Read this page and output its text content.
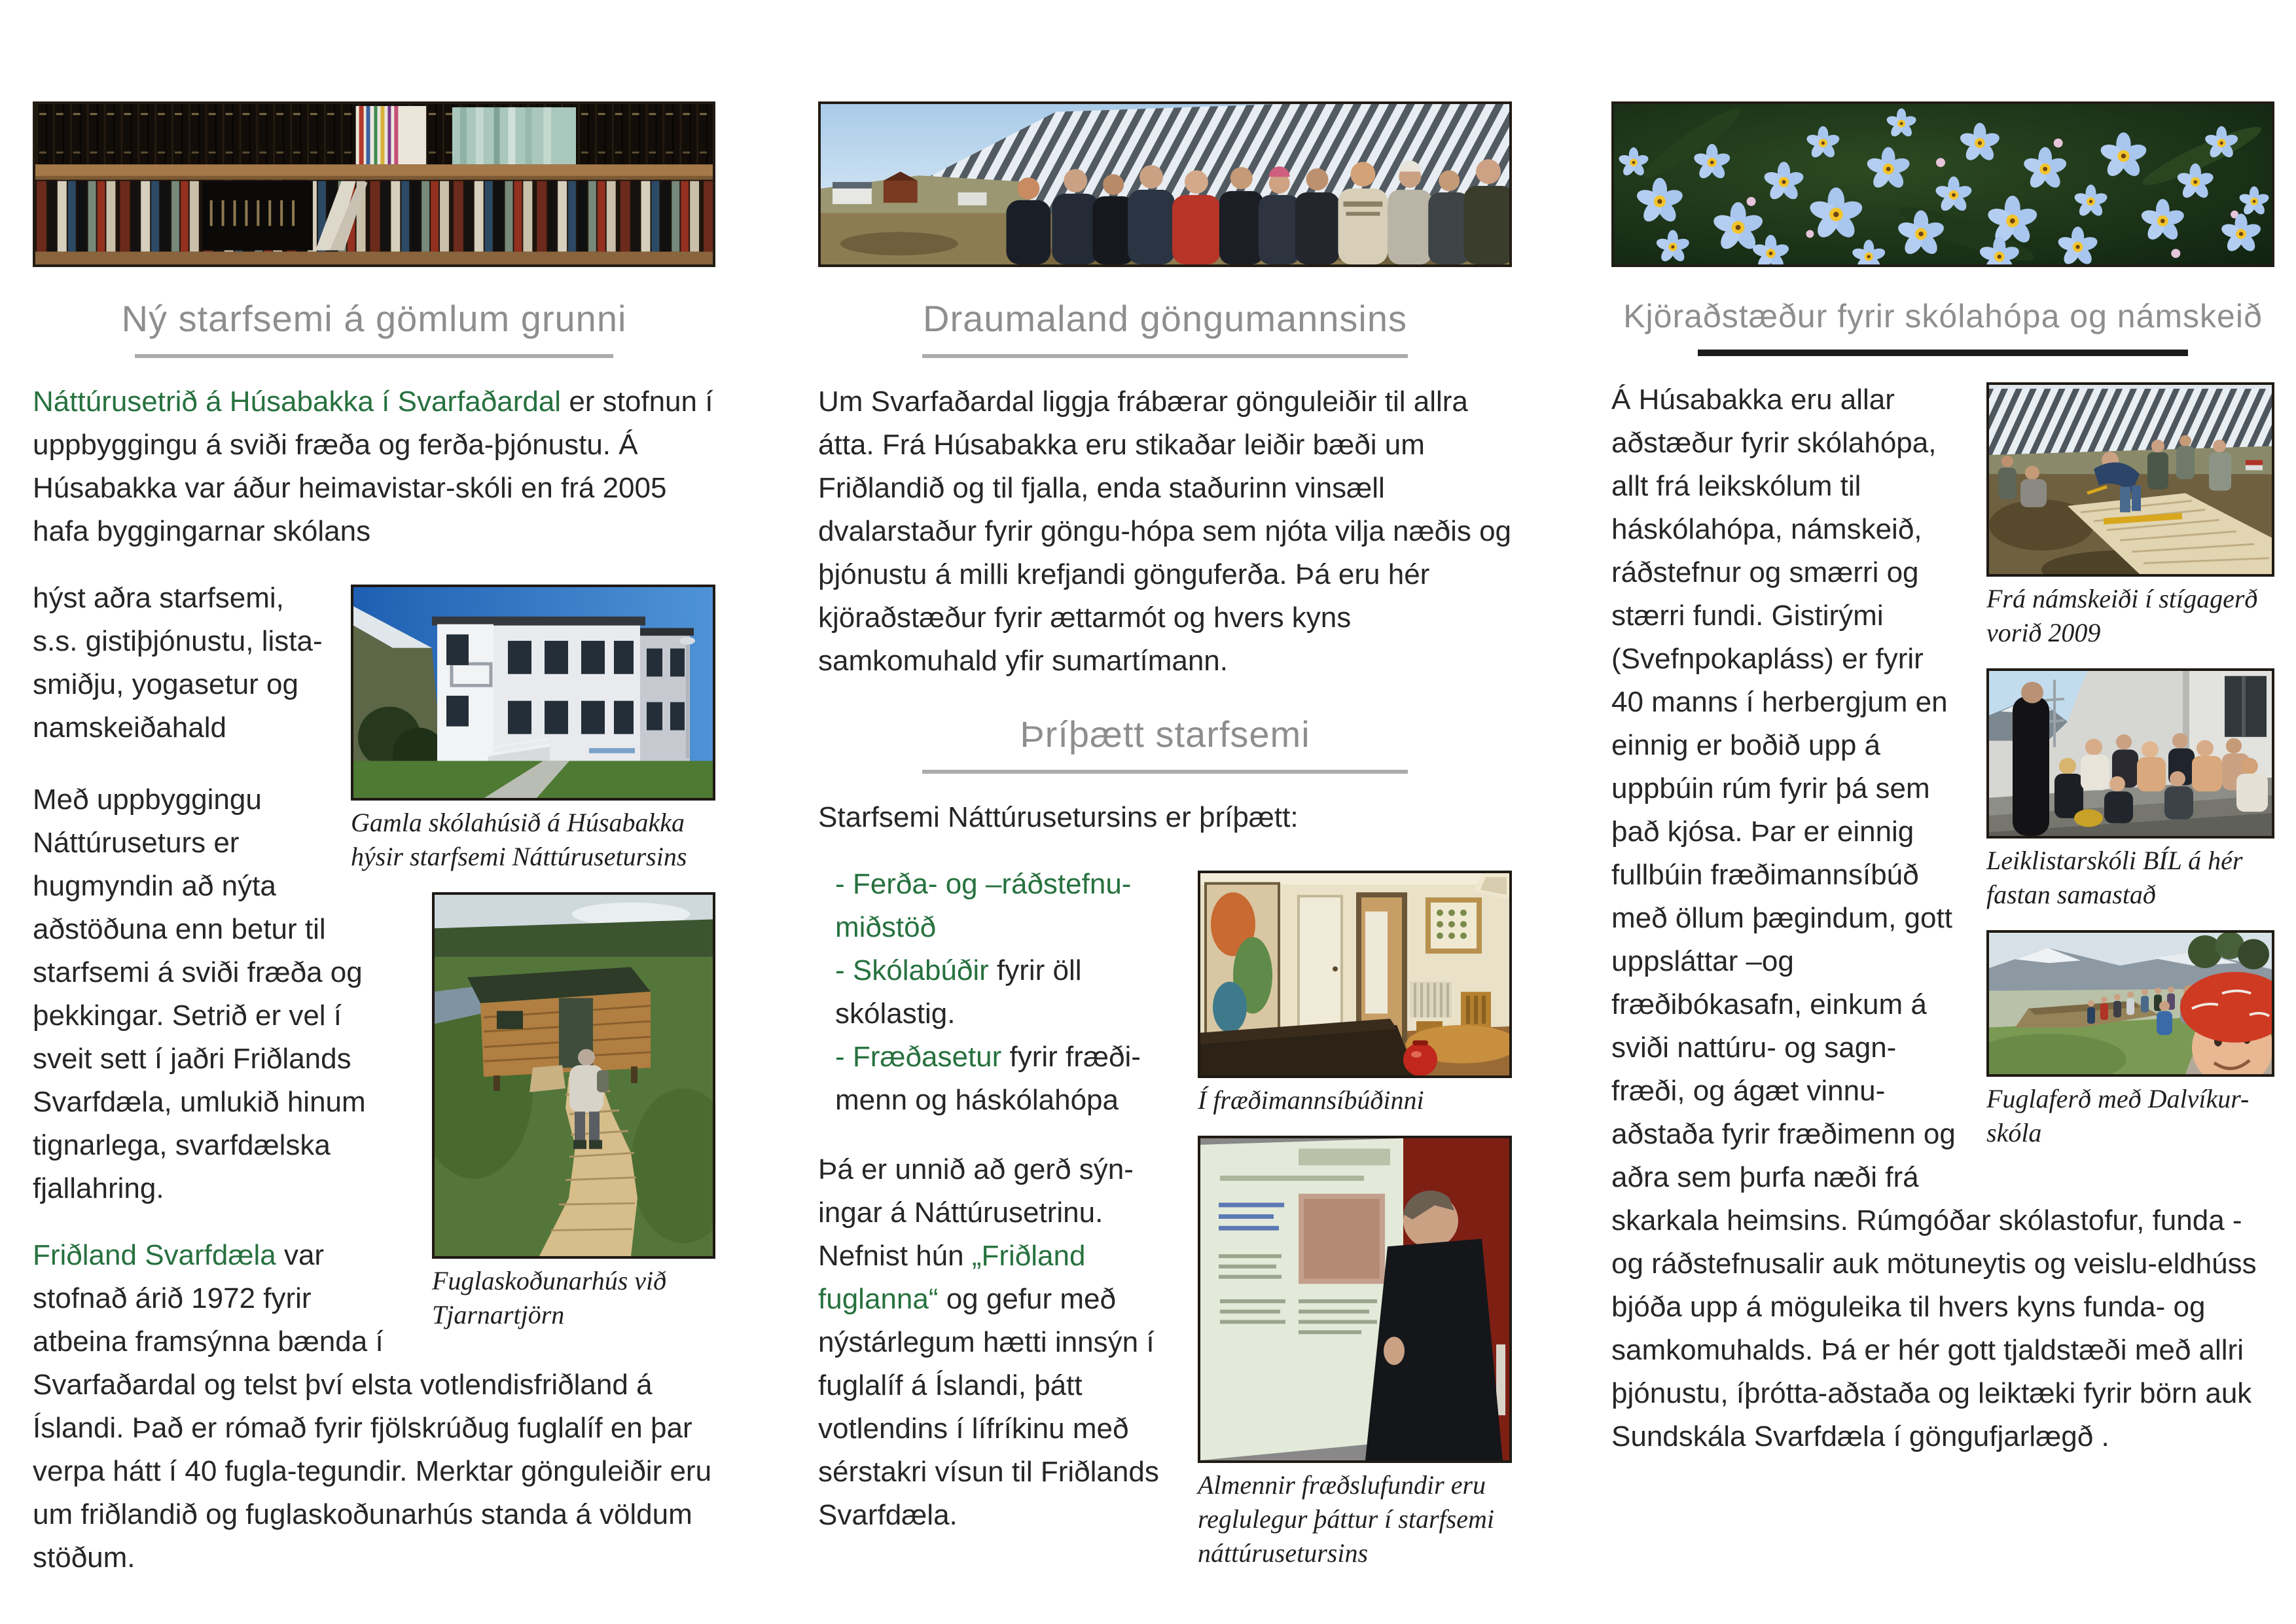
Ný starfsemi á gömlum grunni

Náttúrusetrið á Húsabakka í Svarfaðardal er stofnun í uppbyggingu á sviði fræða og ferða-þjónustu. Á Húsabakka var áður heimavistar-skóli en frá 2005 hafa byggingarnar skólans

Gamla skólahúsið á Húsabakka hýsir starfsemi Náttúrusetursins
Fuglaskoðunarhús við Tjarnartjörn
hýst aðra starfsemi, s.s. gistiþjónustu, lista-smiðju, yogasetur og namskeiðahald

Með uppbyggingu Náttúruseturs er hugmyndin að nýta aðstöðuna enn betur til starfsemi á sviði fræða og þekkingar. Setrið er vel í sveit sett í jaðri Friðlands Svarfdæla, umlukið hinum tignarlega, svarfdælska fjallahring.

Friðland Svarfdæla var stofnað árið 1972 fyrir atbeina framsýnna bænda í Svarfaðardal og telst því elsta votlendisfriðland á Íslandi. Það er rómað fyrir fjölskrúðug fuglalíf en þar verpa hátt í 40 fugla-tegundir. Merktar gönguleiðir eru um friðlandið og fuglaskoðunarhús standa á völdum stöðum.

Draumaland göngumannsins

Um Svarfaðardal liggja frábærar gönguleiðir til allra átta. Frá Húsabakka eru stikaðar leiðir bæði um Friðlandið og til fjalla, enda staðurinn vinsæll dvalarstaður fyrir göngu-hópa sem njóta vilja næðis og þjónustu á milli krefjandi gönguferða. Þá eru hér kjöraðstæður fyrir ættarmót og hvers kyns samkomuhald yfir sumartímann.

Þríþætt starfsemi

Starfsemi Náttúrusetursins er þríþætt:

Í fræðimannsíbúðinni
Almennir fræðslufundir eru reglulegur þáttur í starfsemi náttúrusetursins

- Ferða- og –ráðstefnu-miðstöð

- Skólabúðir fyrir öll skólastig.

- Fræðasetur fyrir fræði-menn og háskólahópa

Þá er unnið að gerð sýn-ingar á Náttúrusetrinu. Nefnist hún „Friðland fuglanna“ og gefur með nýstárlegum hætti innsýn í fuglalíf á Íslandi, þátt votlendins í lífríkinu með sérstakri vísun til Friðlands Svarfdæla.

Kjöraðstæður fyrir skólahópa og námskeið
Frá námskeiði í stígagerð vorið 2009
Leiklistarskóli BÍL á hér fastan samastað
Fuglaferð með Dalvíkur-skóla

Á Húsabakka eru allar aðstæður fyrir skólahópa, allt frá leikskólum til háskólahópa, námskeið, ráðstefnur og smærri og stærri fundi. Gistirými (Svefnpokapláss) er fyrir 40 manns í herbergjum en einnig er boðið upp á uppbúin rúm fyrir þá sem það kjósa. Þar er einnig fullbúin fræðimannsíbúð með öllum þægindum, gott uppsláttar –og fræðibókasafn, einkum á sviði nattúru- og sagn-fræði, og ágæt vinnu-aðstaða fyrir fræðimenn og aðra sem þurfa næði frá skarkala heimsins. Rúmgóðar skólastofur, funda - og ráðstefnusalir auk mötuneytis og veislu-eldhúss bjóða upp á möguleika til hvers kyns funda- og samkomuhalds. Þá er hér gott tjaldstæði með allri þjónustu, íþrótta-aðstaða og leiktæki fyrir börn auk Sundskála Svarfdæla í göngufjarlægð .
